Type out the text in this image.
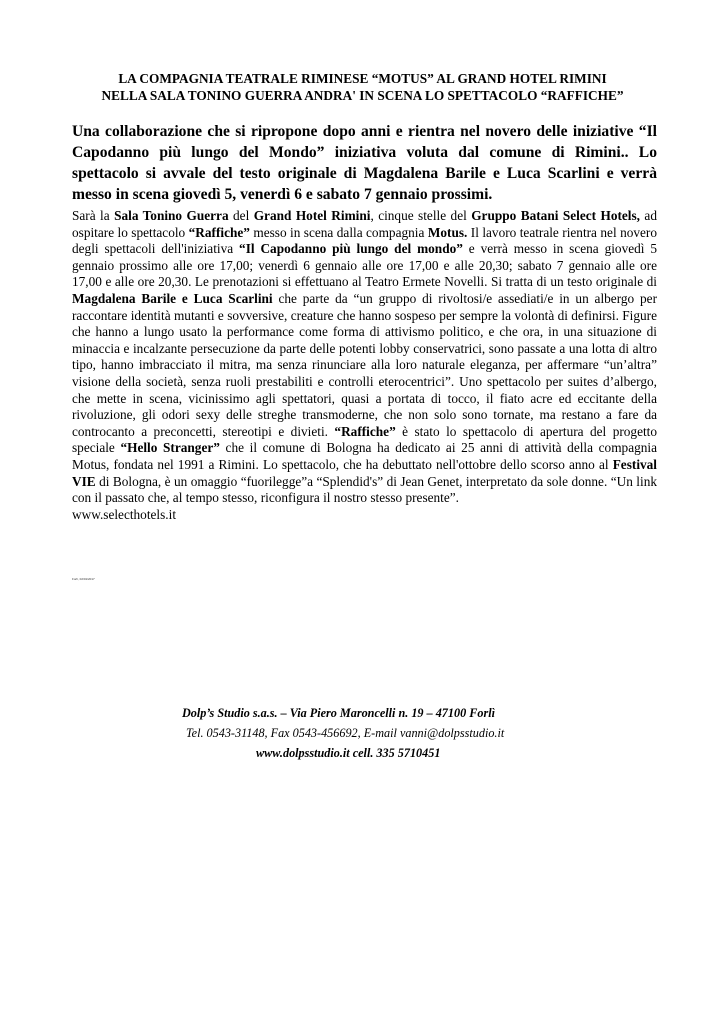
LA COMPAGNIA TEATRALE RIMINESE “MOTUS” AL GRAND HOTEL RIMINI
NELLA SALA TONINO GUERRA ANDRA' IN SCENA LO SPETTACOLO “RAFFICHE”
Una collaborazione che si ripropone dopo anni e rientra nel novero delle iniziative “Il Capodanno più lungo del Mondo” iniziativa voluta dal comune di Rimini.. Lo spettacolo si avvale del testo originale di Magdalena Barile e Luca Scarlini e verrà messo in scena giovedì 5, venerdì 6 e sabato 7 gennaio prossimi.
Sarà la Sala Tonino Guerra del Grand Hotel Rimini, cinque stelle del Gruppo Batani Select Hotels, ad ospitare lo spettacolo “Raffiche” messo in scena dalla compagnia Motus. Il lavoro teatrale rientra nel novero degli spettacoli dell'iniziativa “Il Capodanno più lungo del mondo” e verrà messo in scena giovedì 5 gennaio prossimo alle ore 17,00; venerdì 6 gennaio alle ore 17,00 e alle 20,30; sabato 7 gennaio alle ore 17,00 e alle ore 20,30. Le prenotazioni si effettuano al Teatro Ermete Novelli. Si tratta di un testo originale di Magdalena Barile e Luca Scarlini che parte da “un gruppo di rivoltosi/e assediati/e in un albergo per raccontare identità mutanti e sovversive, creature che hanno sospeso per sempre la volontà di definirsi. Figure che hanno a lungo usato la performance come forma di attivismo politico, e che ora, in una situazione di minaccia e incalzante persecuzione da parte delle potenti lobby conservatrici, sono passate a una lotta di altro tipo, hanno imbracciato il mitra, ma senza rinunciare alla loro naturale eleganza, per affermare “un’altra” visione della società, senza ruoli prestabiliti e controlli eterocentrici”. Uno spettacolo per suites d’albergo, che mette in scena, vicinissimo agli spettatori, quasi a portata di tocco, il fiato acre ed eccitante della rivoluzione, gli odori sexy delle streghe transmoderne, che non solo sono tornate, ma restano a fare da controcanto a preconcetti, stereotipi e divieti. “Raffiche” è stato lo spettacolo di apertura del progetto speciale “Hello Stranger” che il comune di Bologna ha dedicato ai 25 anni di attività della compagnia Motus, fondata nel 1991 a Rimini. Lo spettacolo, che ha debuttato nell'ottobre dello scorso anno al Festival VIE di Bologna, è un omaggio “fuorilegge”a “Splendid's” di Jean Genet, interpretato da sole donne. “Un link con il passato che, al tempo stesso, riconfigura il nostro stesso presente”.
www.selecthotels.it
Forlì, 02/01/2017
Dolp’s Studio s.a.s. – Via Piero Maroncelli n. 19 – 47100 Forlì
Tel. 0543-31148, Fax 0543-456692, E-mail vanni@dolpsstudio.it
www.dolpsstudio.it cell. 335 5710451
